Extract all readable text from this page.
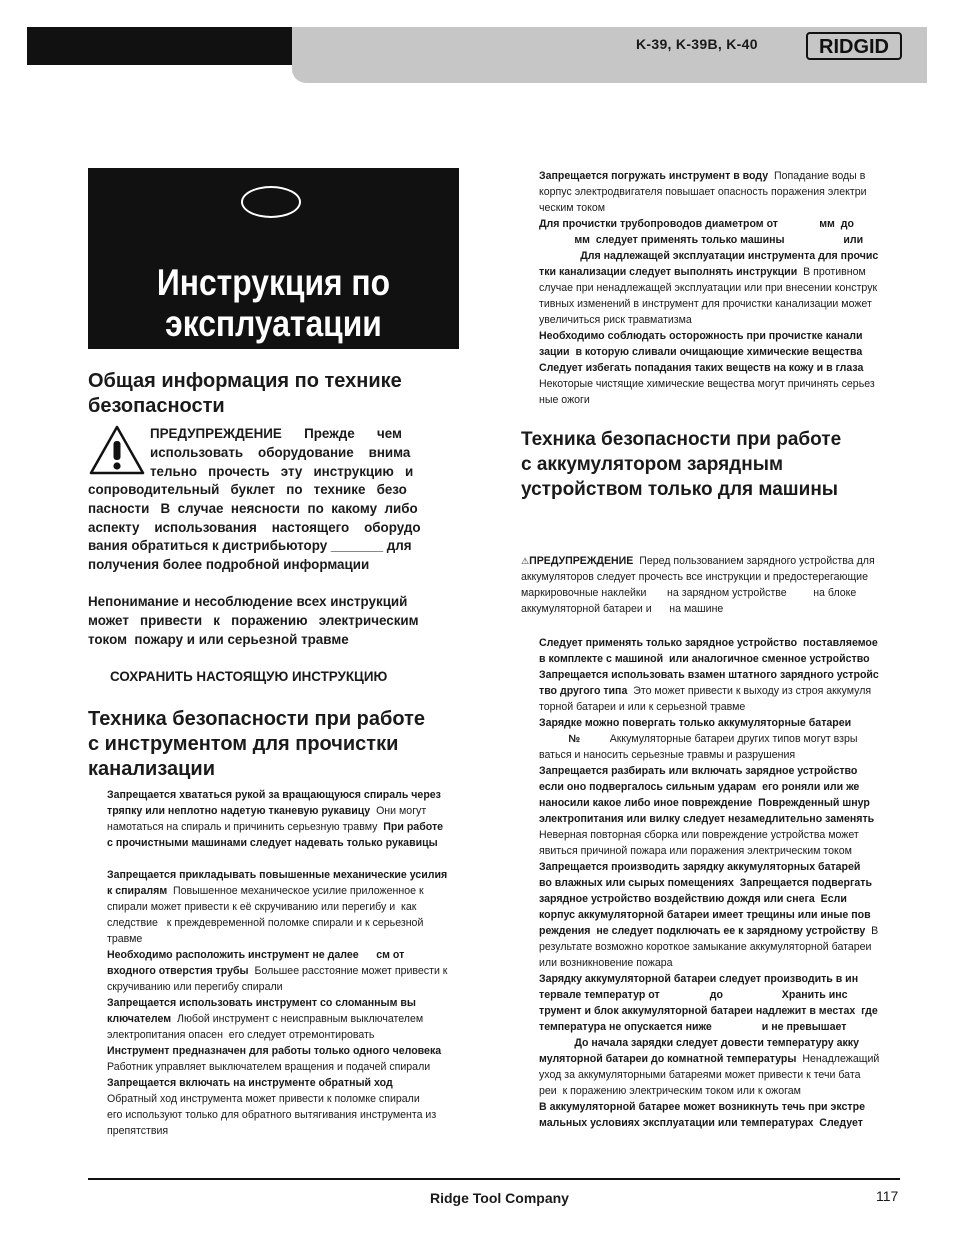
K-39, K-39B, K-40	RIDGID
Инструкция по
эксплуатации
Общая информация по технике
безопасности
ПРЕДУПРЕЖДЕНИЕ      Прежде      чем
использовать    оборудование    внима
тельно   прочесть   эту   инструкцию   и
сопроводительный   буклет   по   технике   безо
пасности   В  случае  неясности  по  какому  либо
аспекту    использования    настоящего    оборудо
вания обратиться к дистрибьютору _______ для
получения более подробной информации
Непонимание и несоблюдение всех инструкций
может   привести   к   поражению   электрическим
током  пожару и или серьезной травме
СОХРАНИТЬ НАСТОЯЩУЮ ИНСТРУКЦИЮ
Техника безопасности при работе
с инструментом для прочистки
канализации
Запрещается хвататься рукой за вращающуюся спираль через
тряпку или неплотно надетую тканевую рукавицу  Они могут
намотаться на спираль и причинить серьезную травму  При работе
с прочистными машинами следует надевать только рукавицы

Запрещается прикладывать повышенные механические усилия
к спиралям  Повышенное механическое усилие приложенное к
спирали может привести к её скручиванию или перегибу и  как
следствие   к преждевременной поломке спирали и к серьезной
травме
Необходимо расположить инструмент не далее      см от
входного отверстия трубы  Большее расстояние может привести к
скручиванию или перегибу спирали
Запрещается использовать инструмент со сломанным вы
ключателем  Любой инструмент с неисправным выключателем
электропитания опасен  его следует отремонтировать
Инструмент предназначен для работы только одного человека
Работник управляет выключателем вращения и подачей спирали
Запрещается включать на инструменте обратный ход
Обратный ход инструмента может привести к поломке спирали
его используют только для обратного вытягивания инструмента из
препятствия
Запрещается погружать инструмент в воду  Попадание воды в
корпус электродвигателя повышает опасность поражения электри
ческим током
Для прочистки трубопроводов диаметром от              мм  до
мм  следует применять только машины                    или
Для надлежащей эксплуатации инструмента для прочис
тки канализации следует выполнять инструкции  В противном
случае при ненадлежащей эксплуатации или при внесении конструк
тивных изменений в инструмент для прочистки канализации может
увеличиться риск травматизма
Необходимо соблюдать осторожность при прочистке канали
зации  в которую сливали очищающие химические вещества
Следует избегать попадания таких веществ на кожу и в глаза
Некоторые чистящие химические вещества могут причинять серьез
ные ожоги
Техника безопасности при работе
с аккумулятором зарядным
устройством только для машины
⚠ПРЕДУПРЕЖДЕНИЕ  Перед пользованием зарядного устройства для
аккумуляторов следует прочесть все инструкции и предостерегающие
маркировочные наклейки       на зарядном устройстве         на блоке
аккумуляторной батареи и      на машине
Следует применять только зарядное устройство  поставляемое
в комплекте с машиной  или аналогичное сменное устройство
Запрещается использовать взамен штатного зарядного устройс
тво другого типа  Это может привести к выходу из строя аккумуля
торной батареи и или к серьезной травме
Зарядке можно повергать только аккумуляторные батареи
№          Аккумуляторные батареи других типов могут взры
ваться и наносить серьезные травмы и разрушения
Запрещается разбирать или включать зарядное устройство
если оно подвергалось сильным ударам  его роняли или же
наносили какое либо иное повреждение  Поврежденный шнур
электропитания или вилку следует незамедлительно заменять
Неверная повторная сборка или повреждение устройства может
явиться причиной пожара или поражения электрическим током
Запрещается производить зарядку аккумуляторных батарей
во влажных или сырых помещениях  Запрещается подвергать
зарядное устройство воздействию дождя или снега  Если
корпус аккумуляторной батареи имеет трещины или иные пов
реждения  не следует подключать ее к зарядному устройству  В
результате возможно короткое замыкание аккумуляторной батареи
или возникновение пожара
Зарядку аккумуляторной батареи следует производить в ин
тервале температур от                 до                    Хранить инс
трумент и блок аккумуляторной батареи надлежит в местах  где
температура не опускается ниже                 и не превышает
До начала зарядки следует довести температуру акку
муляторной батареи до комнатной температуры  Ненадлежащий
уход за аккумуляторными батареями может привести к течи бата
реи  к поражению электрическим током или к ожогам
В аккумуляторной батарее может возникнуть течь при экстре
мальных условиях эксплуатации или температурах  Следует
Ridge Tool Company	117
